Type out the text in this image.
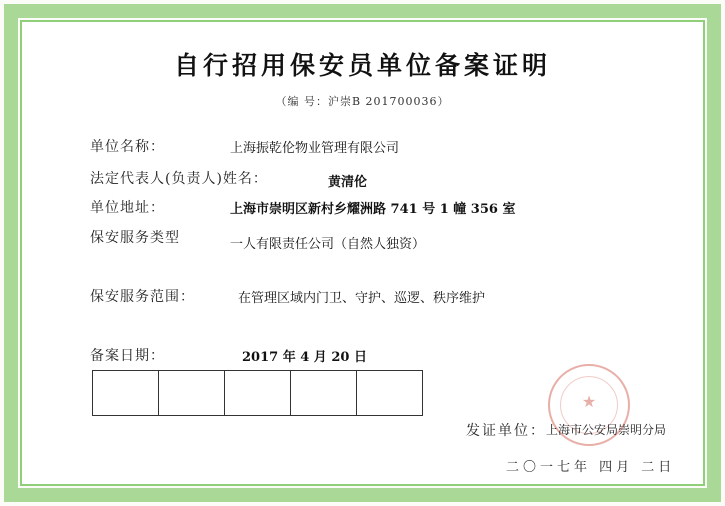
自行招用保安员单位备案证明
（编 号：沪崇B 201700036）
单位名称：	上海振乾伦物业管理有限公司
法定代表人(负责人)姓名：	黄清伦
单位地址：	上海市崇明区新村乡耀洲路 741 号 1 幢 356 室
保安服务类型	一人有限责任公司（自然人独资）
保安服务范围：	在管理区域内门卫、守护、巡逻、秩序维护
备案日期：	2017 年 4 月 20 日
★
发证单位： 上海市公安局崇明分局
二〇一七年 四月 二日
